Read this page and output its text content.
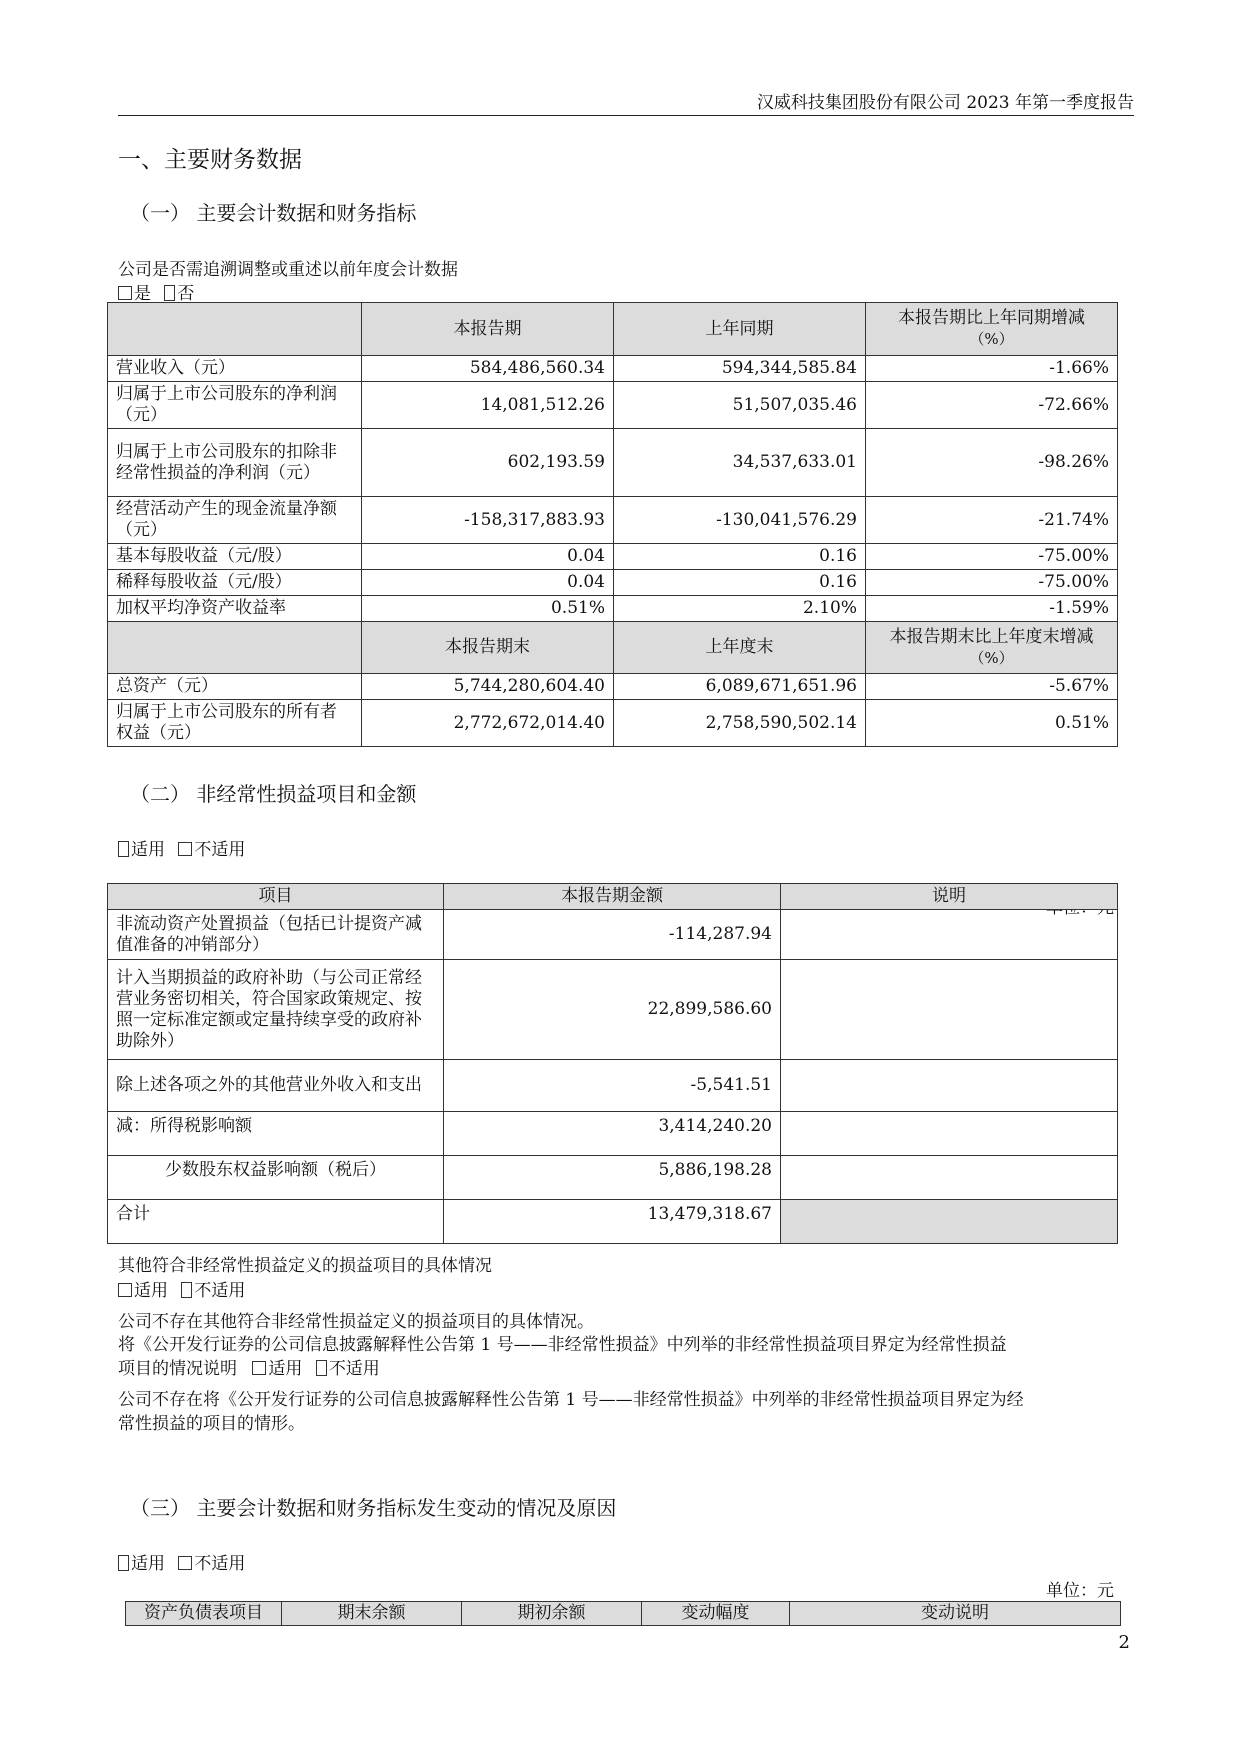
汉威科技集团股份有限公司 2023 年第一季度报告
一、主要财务数据
（一） 主要会计数据和财务指标
公司是否需追溯调整或重述以前年度会计数据
是 否
	本报告期	上年同期	本报告期比上年同期增减
（%）

营业收入（元）	584,486,560.34	594,344,585.84	-1.66%
归属于上市公司股东的净利润（元）	14,081,512.26	51,507,035.46	-72.66%
归属于上市公司股东的扣除非经常性损益的净利润（元）	602,193.59	34,537,633.01	-98.26%
经营活动产生的现金流量净额（元）	-158,317,883.93	-130,041,576.29	-21.74%
基本每股收益（元/股）	0.04	0.16	-75.00%
稀释每股收益（元/股）	0.04	0.16	-75.00%
加权平均净资产收益率	0.51%	2.10%	-1.59%
	本报告期末	上年度末	本报告期末比上年度末增减
（%）

总资产（元）	5,744,280,604.40	6,089,671,651.96	-5.67%
归属于上市公司股东的所有者权益（元）	2,772,672,014.40	2,758,590,502.14	0.51%
（二） 非经常性损益项目和金额
适用 不适用
单位：元
项目	本报告期金额	说明
非流动资产处置损益（包括已计提资产减值准备的冲销部分）	-114,287.94	
计入当期损益的政府补助（与公司正常经营业务密切相关，符合国家政策规定、按照一定标准定额或定量持续享受的政府补助除外）	22,899,586.60	
除上述各项之外的其他营业外收入和支出	-5,541.51	
减：所得税影响额	3,414,240.20	
少数股东权益影响额（税后）	5,886,198.28	
合计	13,479,318.67	
其他符合非经常性损益定义的损益项目的具体情况
适用 不适用
公司不存在其他符合非经常性损益定义的损益项目的具体情况。
将《公开发行证券的公司信息披露解释性公告第 1 号——非经常性损益》中列举的非经常性损益项目界定为经常性损益
项目的情况说明 适用 不适用
公司不存在将《公开发行证券的公司信息披露解释性公告第 1 号——非经常性损益》中列举的非经常性损益项目界定为经
常性损益的项目的情形。
（三） 主要会计数据和财务指标发生变动的情况及原因
适用 不适用
单位：元
资产负债表项目	期末余额	期初余额	变动幅度	变动说明
2
